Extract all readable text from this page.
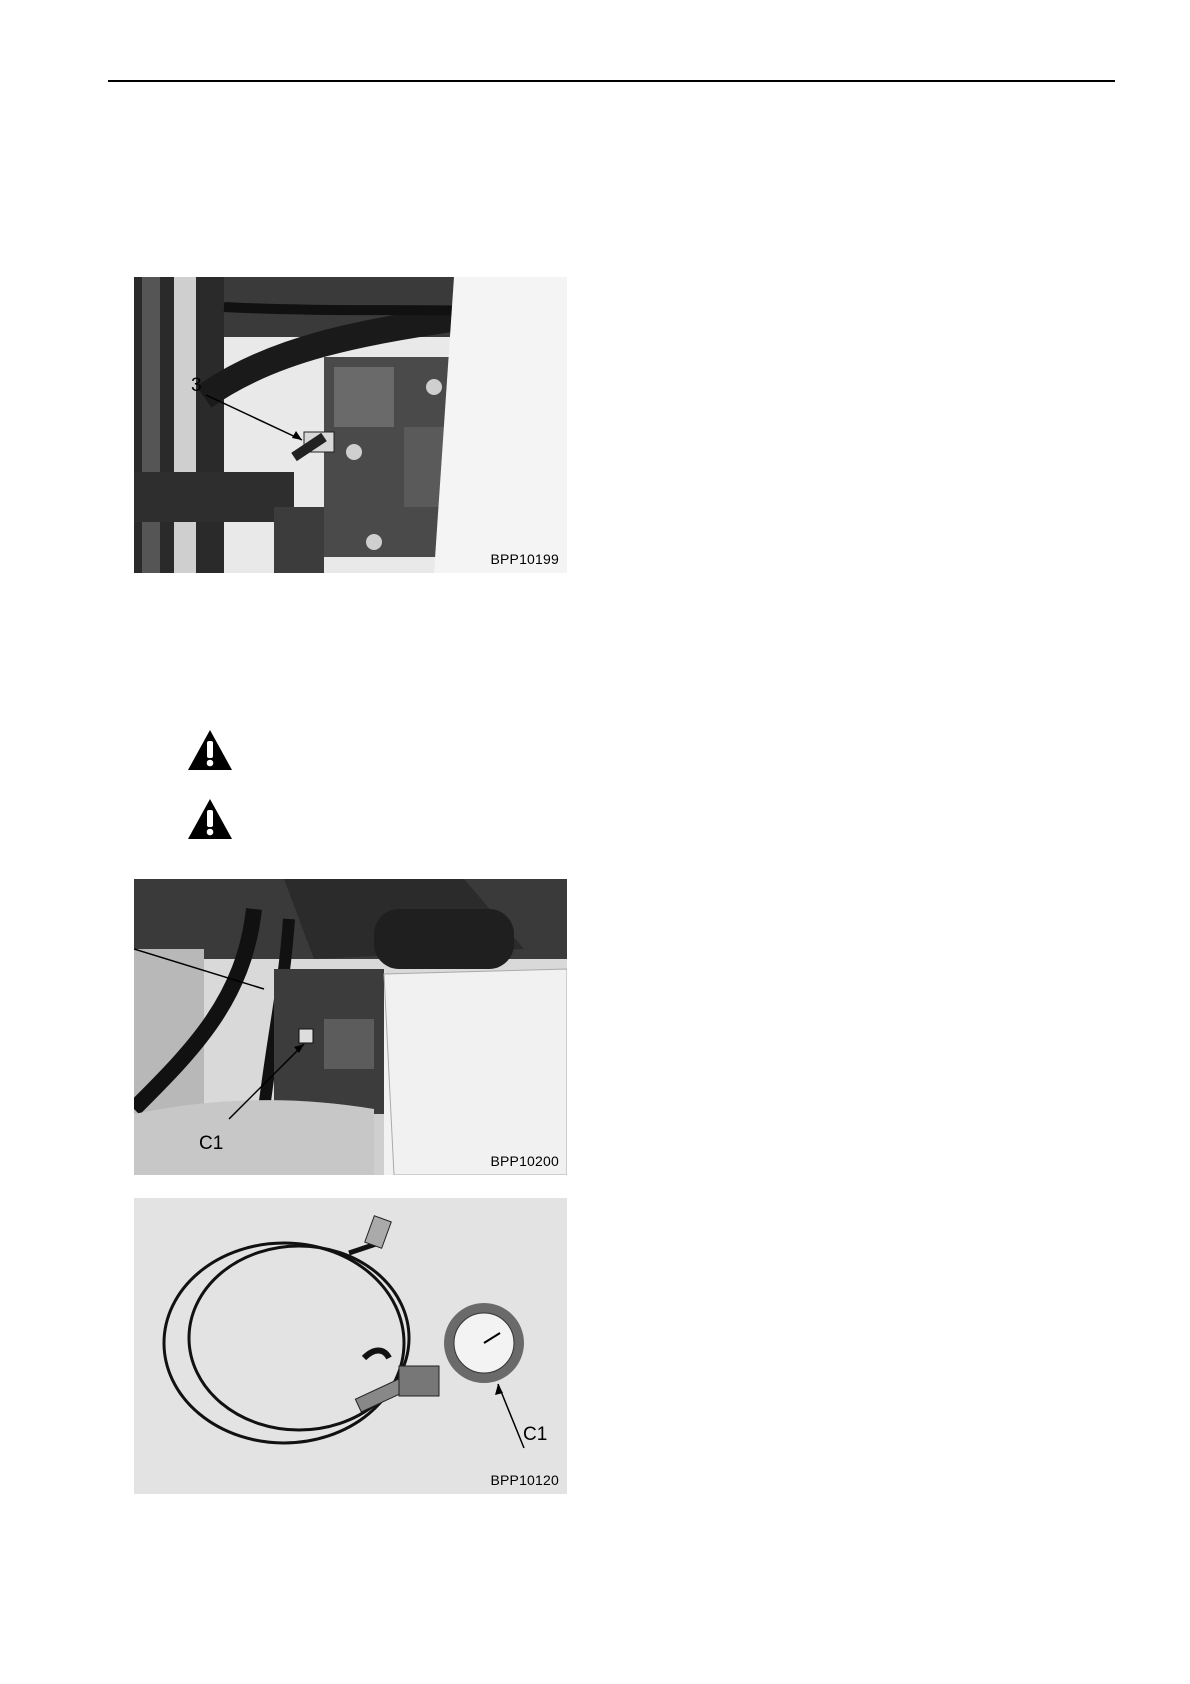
3
BPP10199
C1
BPP10200
C1
BPP10120
